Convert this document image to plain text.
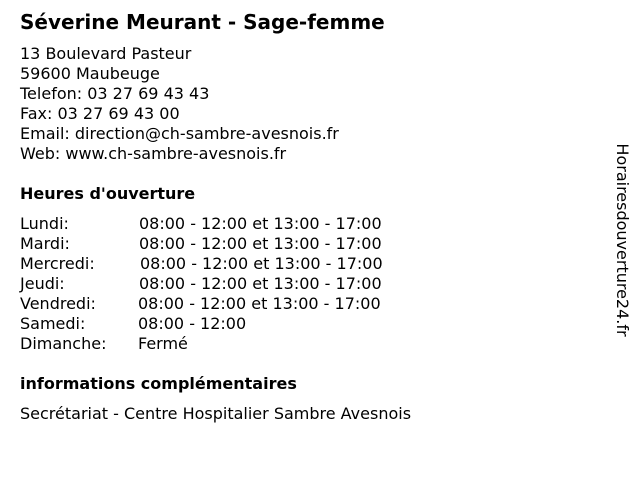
Séverine Meurant - Sage-femme
13 Boulevard Pasteur
59600 Maubeuge
Telefon: 03 27 69 43 43
Fax: 03 27 69 43 00
Email: direction@ch-sambre-avesnois.fr
Web: www.ch-sambre-avesnois.fr
Heures d'ouverture
Lundi:	08:00 - 12:00 et 13:00 - 17:00
Mardi:	08:00 - 12:00 et 13:00 - 17:00
Mercredi:	08:00 - 12:00 et 13:00 - 17:00
Jeudi:	08:00 - 12:00 et 13:00 - 17:00
Vendredi:	08:00 - 12:00 et 13:00 - 17:00
Samedi:	08:00 - 12:00
Dimanche: Fermé
informations complémentaires
Secrétariat - Centre Hospitalier Sambre Avesnois
Horairesdouverture24.fr
